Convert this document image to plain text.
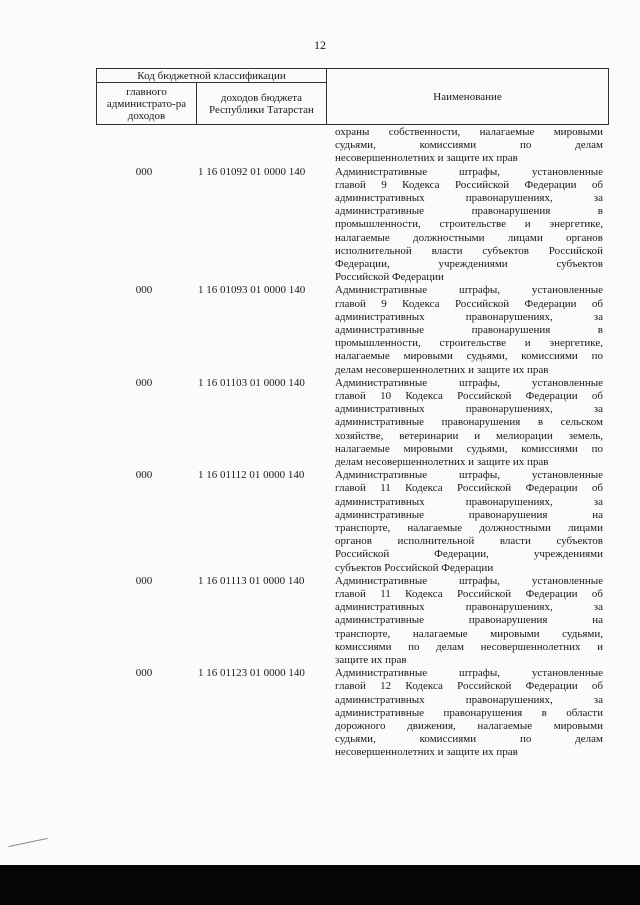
12
Код бюджетной классификации		Наименование
главного администрато-ра доходов	доходов бюджета Республики Татарстан	
охраны собственности, налагаемые мировыми
судьями, комиссиями по делам
несовершеннолетних и защите их прав
000	1 16 01092 01 0000 140	Административные штрафы, установленные
главой 9 Кодекса Российской Федерации об
административных правонарушениях, за
административные правонарушения в
промышленности, строительстве и энергетике,
налагаемые должностными лицами органов
исполнительной власти субъектов Российской
Федерации, учреждениями субъектов
Российской Федерации
000	1 16 01093 01 0000 140	Административные штрафы, установленные
главой 9 Кодекса Российской Федерации об
административных правонарушениях, за
административные правонарушения в
промышленности, строительстве и энергетике,
налагаемые мировыми судьями, комиссиями по
делам несовершеннолетних и защите их прав
000	1 16 01103 01 0000 140	Административные штрафы, установленные
главой 10 Кодекса Российской Федерации об
административных правонарушениях, за
административные правонарушения в сельском
хозяйстве, ветеринарии и мелиорации земель,
налагаемые мировыми судьями, комиссиями по
делам несовершеннолетних и защите их прав
000	1 16 01112 01 0000 140	Административные штрафы, установленные
главой 11 Кодекса Российской Федерации об
административных правонарушениях, за
административные правонарушения на
транспорте, налагаемые должностными лицами
органов исполнительной власти субъектов
Российской Федерации, учреждениями
субъектов Российской Федерации
000	1 16 01113 01 0000 140	Административные штрафы, установленные
главой 11 Кодекса Российской Федерации об
административных правонарушениях, за
административные правонарушения на
транспорте, налагаемые мировыми судьями,
комиссиями по делам несовершеннолетних и
защите их прав
000	1 16 01123 01 0000 140	Административные штрафы, установленные
главой 12 Кодекса Российской Федерации об
административных правонарушениях, за
административные правонарушения в области
дорожного движения, налагаемые мировыми
судьями, комиссиями по делам
несовершеннолетних и защите их прав
